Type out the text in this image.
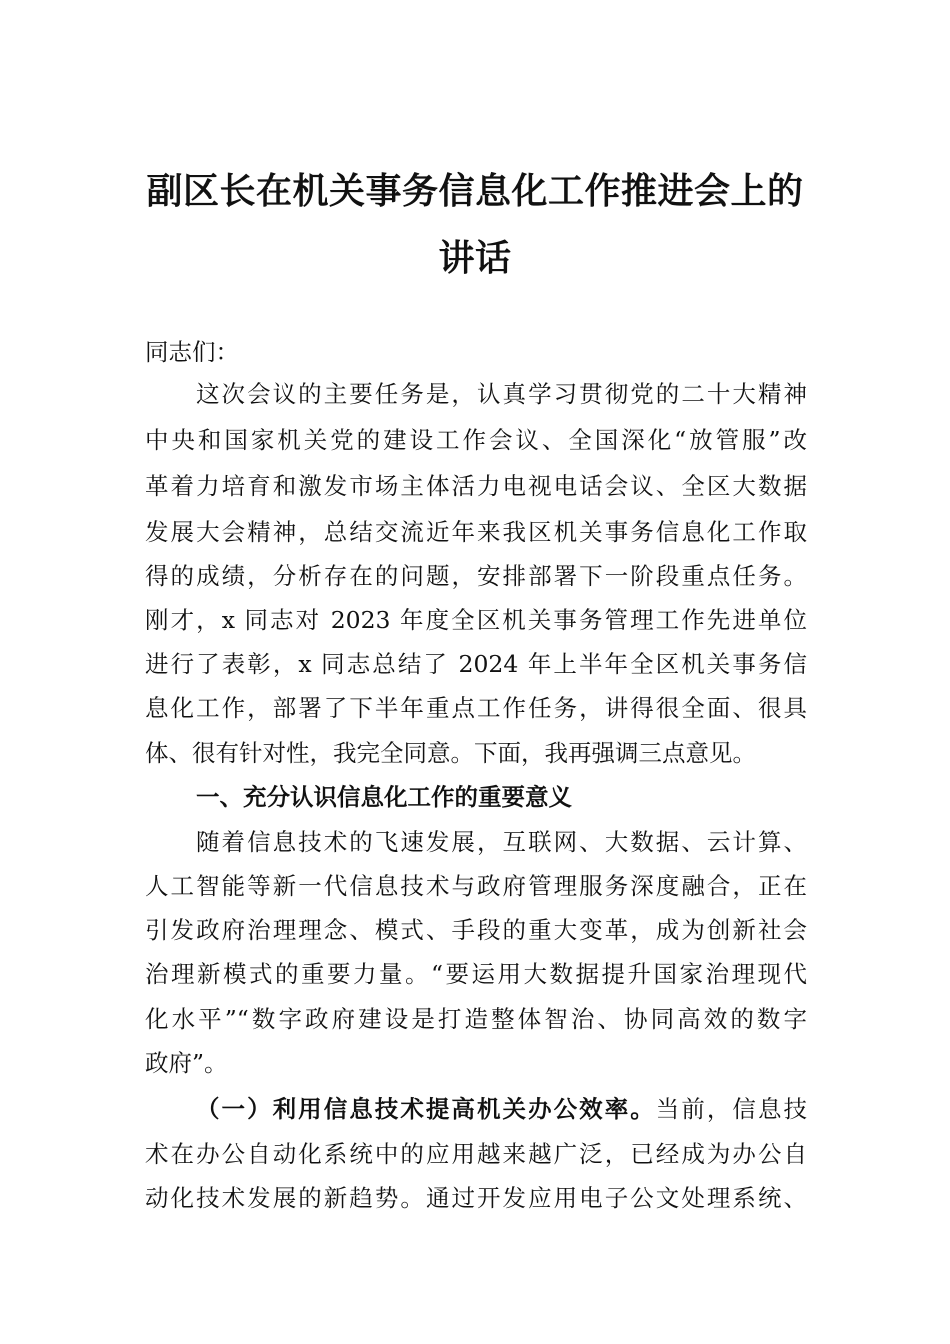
副区长在机关事务信息化工作推进会上的
讲话
同志们：
这次会议的主要任务是，认真学习贯彻党的二十大精神
中央和国家机关党的建设工作会议、全国深化“放管服”改
革着力培育和激发市场主体活力电视电话会议、全区大数据
发展大会精神，总结交流近年来我区机关事务信息化工作取
得的成绩，分析存在的问题，安排部署下一阶段重点任务。
刚才，x 同志对 2023 年度全区机关事务管理工作先进单位
进行了表彰，x 同志总结了 2024 年上半年全区机关事务信
息化工作，部署了下半年重点工作任务，讲得很全面、很具
体、很有针对性，我完全同意。下面，我再强调三点意见。
一、充分认识信息化工作的重要意义
随着信息技术的飞速发展，互联网、大数据、云计算、
人工智能等新一代信息技术与政府管理服务深度融合，正在
引发政府治理理念、模式、手段的重大变革，成为创新社会
治理新模式的重要力量。“要运用大数据提升国家治理现代
化水平”“数字政府建设是打造整体智治、协同高效的数字
政府”。
（一）利用信息技术提高机关办公效率。当前，信息技
术在办公自动化系统中的应用越来越广泛，已经成为办公自
动化技术发展的新趋势。通过开发应用电子公文处理系统、
